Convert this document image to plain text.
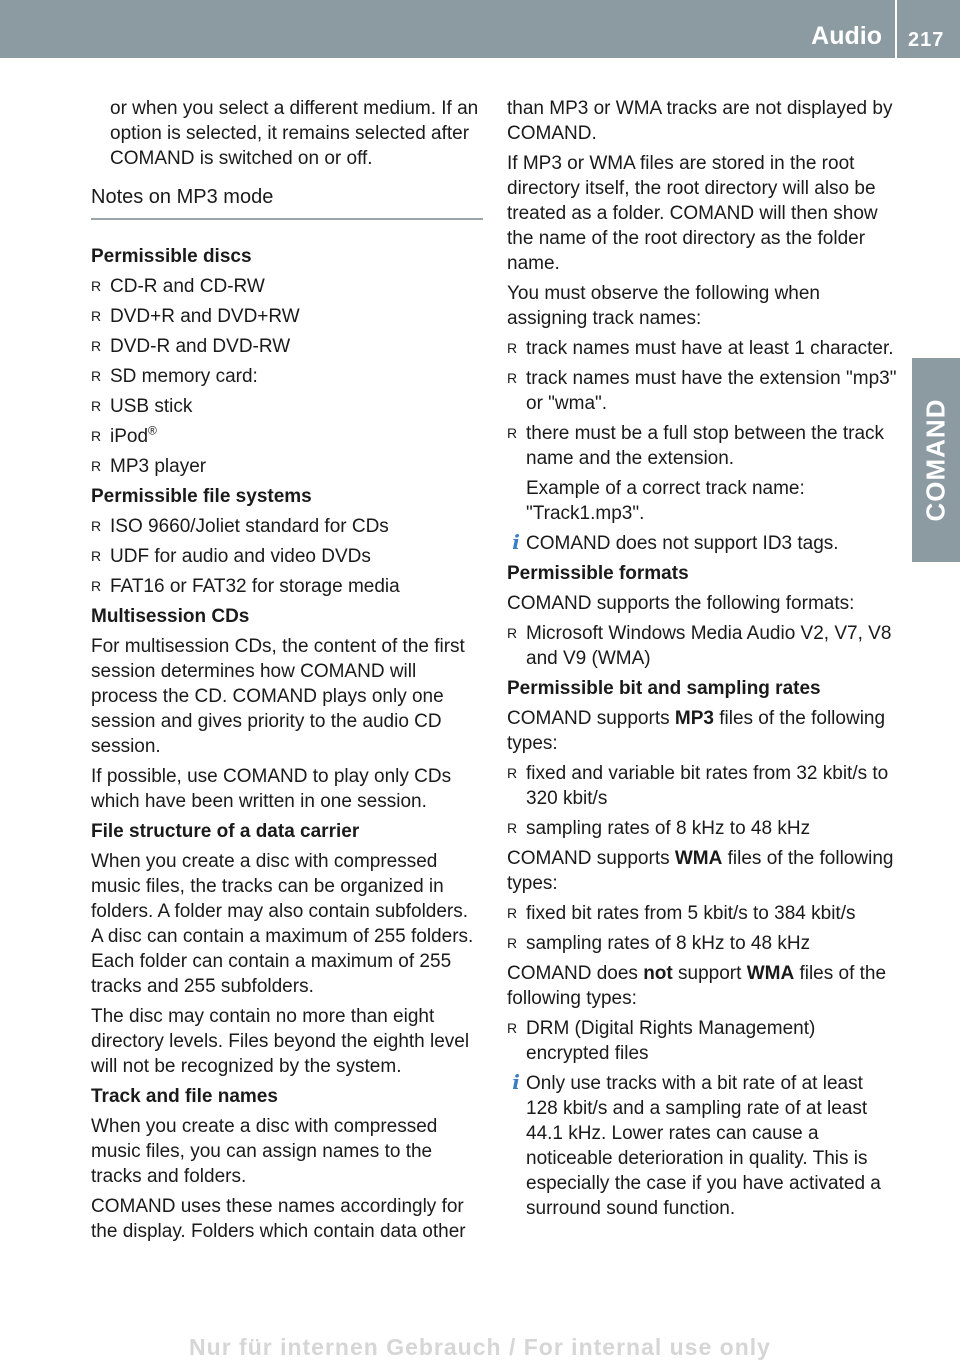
Audio 217
COMAND

or when you select a different medium. If an option is selected, it remains selected after COMAND is switched on or off.

Notes on MP3 mode
Permissible discs
R CD-R and CD-RW
R DVD+R and DVD+RW
R DVD-R and DVD-RW
R SD memory card:
R USB stick
R iPod®
R MP3 player
Permissible file systems
R ISO 9660/Joliet standard for CDs
R UDF for audio and video DVDs
R FAT16 or FAT32 for storage media
Multisession CDs

For multisession CDs, the content of the first session determines how COMAND will process the CD. COMAND plays only one session and gives priority to the audio CD session.

If possible, use COMAND to play only CDs which have been written in one session.

File structure of a data carrier

When you create a disc with compressed music files, the tracks can be organized in folders. A folder may also contain subfolders. A disc can contain a maximum of 255 folders. Each folder can contain a maximum of 255 tracks and 255 subfolders.

The disc may contain no more than eight directory levels. Files beyond the eighth level will not be recognized by the system.

Track and file names

When you create a disc with compressed music files, you can assign names to the tracks and folders.

COMAND uses these names accordingly for the display. Folders which contain data other

than MP3 or WMA tracks are not displayed by COMAND.

If MP3 or WMA files are stored in the root directory itself, the root directory will also be treated as a folder. COMAND will then show the name of the root directory as the folder name.

You must observe the following when assigning track names:

R track names must have at least 1 character.
R track names must have the extension "mp3" or "wma".
R there must be a full stop between the track name and the extension.

Example of a correct track name: "Track1.mp3".

i COMAND does not support ID3 tags.
Permissible formats

COMAND supports the following formats:

R Microsoft Windows Media Audio V2, V7, V8 and V9 (WMA)
Permissible bit and sampling rates

COMAND supports MP3 files of the following types:

R fixed and variable bit rates from 32 kbit/s to 320 kbit/s
R sampling rates of 8 kHz to 48 kHz

COMAND supports WMA files of the following types:

R fixed bit rates from 5 kbit/s to 384 kbit/s
R sampling rates of 8 kHz to 48 kHz

COMAND does not support WMA files of the following types:

R DRM (Digital Rights Management) encrypted files
i Only use tracks with a bit rate of at least 128 kbit/s and a sampling rate of at least 44.1 kHz. Lower rates can cause a noticeable deterioration in quality. This is especially the case if you have activated a surround sound function.
Nur für internen Gebrauch / For internal use only
